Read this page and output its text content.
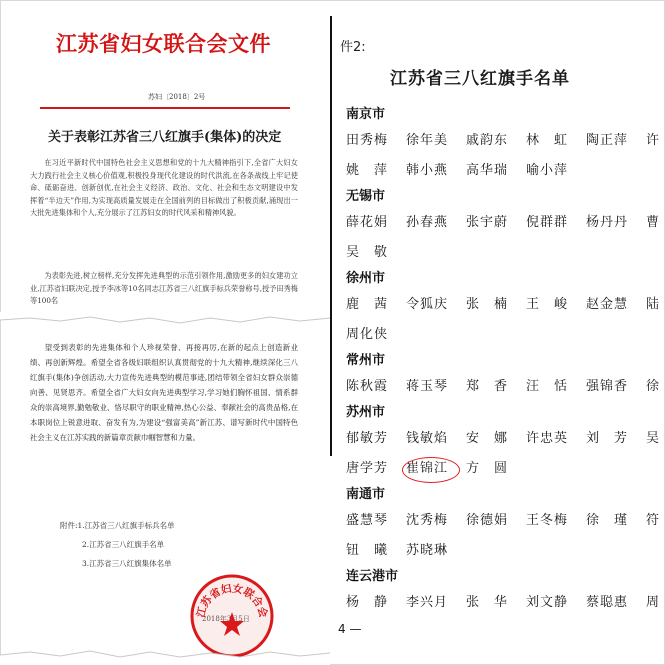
江苏省妇女联合会文件
苏妇〔2018〕2号
关于表彰江苏省三八红旗手(集体)的决定

在习近平新时代中国特色社会主义思想和党的十九大精神指引下,全省广大妇女大力践行社会主义核心价值观,积极投身现代化建设的时代洪流,在各条战线上牢记使命、砥砺奋进、创新创优,在社会主义经济、政治、文化、社会和生态文明建设中发挥着“半边天”作用,为实现高质量发展走在全国前列的目标做出了积极贡献,涌现出一大批先进集体和个人,充分展示了江苏妇女的时代风采和精神风貌。

为表彰先进,树立榜样,充分发挥先进典型的示范引领作用,激励更多的妇女建功立业,江苏省妇联决定,授予李冰等10名同志江苏省三八红旗手标兵荣誉称号,授予田秀梅等100名

望受到表彰的先进集体和个人珍视荣誉、再接再厉,在新的起点上创造新业绩、再创新辉煌。希望全省各级妇联组织认真贯彻党的十九大精神,继续深化三八红旗手(集体)争创活动,大力宣传先进典型的模范事迹,团结带领全省妇女群众崇德向善、见贤思齐。希望全省广大妇女向先进典型学习,学习她们胸怀祖国、情系群众的崇高境界,勤勉敬业、恪尽职守的职业精神,热心公益、奉献社会的高贵品格,在本职岗位上锐意进取、奋发有为,为建设“强富美高”新江苏、谱写新时代中国特色社会主义在江苏实践的新篇章贡献巾帼智慧和力量。

附件:1.江苏省三八红旗手标兵名单
2.江苏省三八红旗手名单
3.江苏省三八红旗集体名单
江苏省妇女联合会
件2:
江苏省三八红旗手名单
南京市
田秀梅	徐年美	戚韵东	林　虹	陶正萍	许
姚　萍	韩小燕	高华瑞	喻小萍
无锡市
薛花娟	孙春燕	张宇蔚	倪群群	杨丹丹	曹
吴　敬
徐州市
鹿　茜	令狐庆	张　楠	王　峻	赵金慧	陆
周化侠
常州市
陈秋霞	蒋玉琴	郑　香	汪　恬	强锦香	徐
苏州市
郁敏芳	钱敏焰	安　娜	许忠英	刘　芳	吴
唐学芳	崔锦江	方　圆
南通市
盛慧琴	沈秀梅	徐德娟	王冬梅	徐　瑾	符
钮　曦	苏晓琳
连云港市
杨　静	李兴月	张　华	刘文静	蔡聪惠	周
4 —
